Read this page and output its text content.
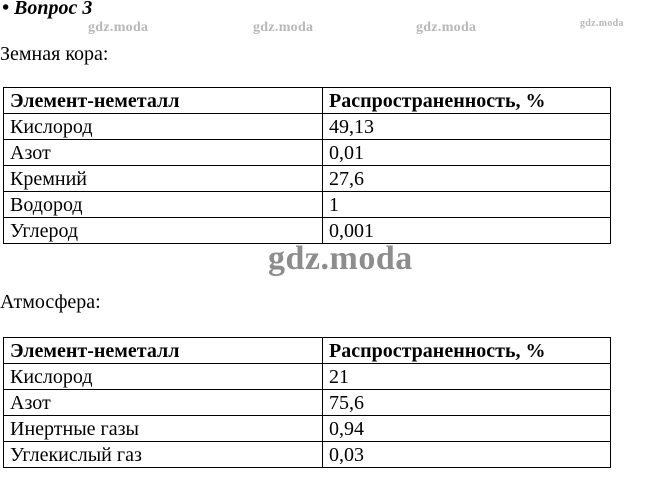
• Вопрос 3
gdz.moda	gdz.moda	gdz.moda	gdz.moda
Земная кора:
Элемент-неметалл	Распространенность, %
Кислород	49,13
Азот	0,01
Кремний	27,6
Водород	1
Углерод	0,001
gdz.moda
Атмосфера:
Элемент-неметалл	Распространенность, %
Кислород	21
Азот	75,6
Инертные газы	0,94
Углекислый газ	0,03
